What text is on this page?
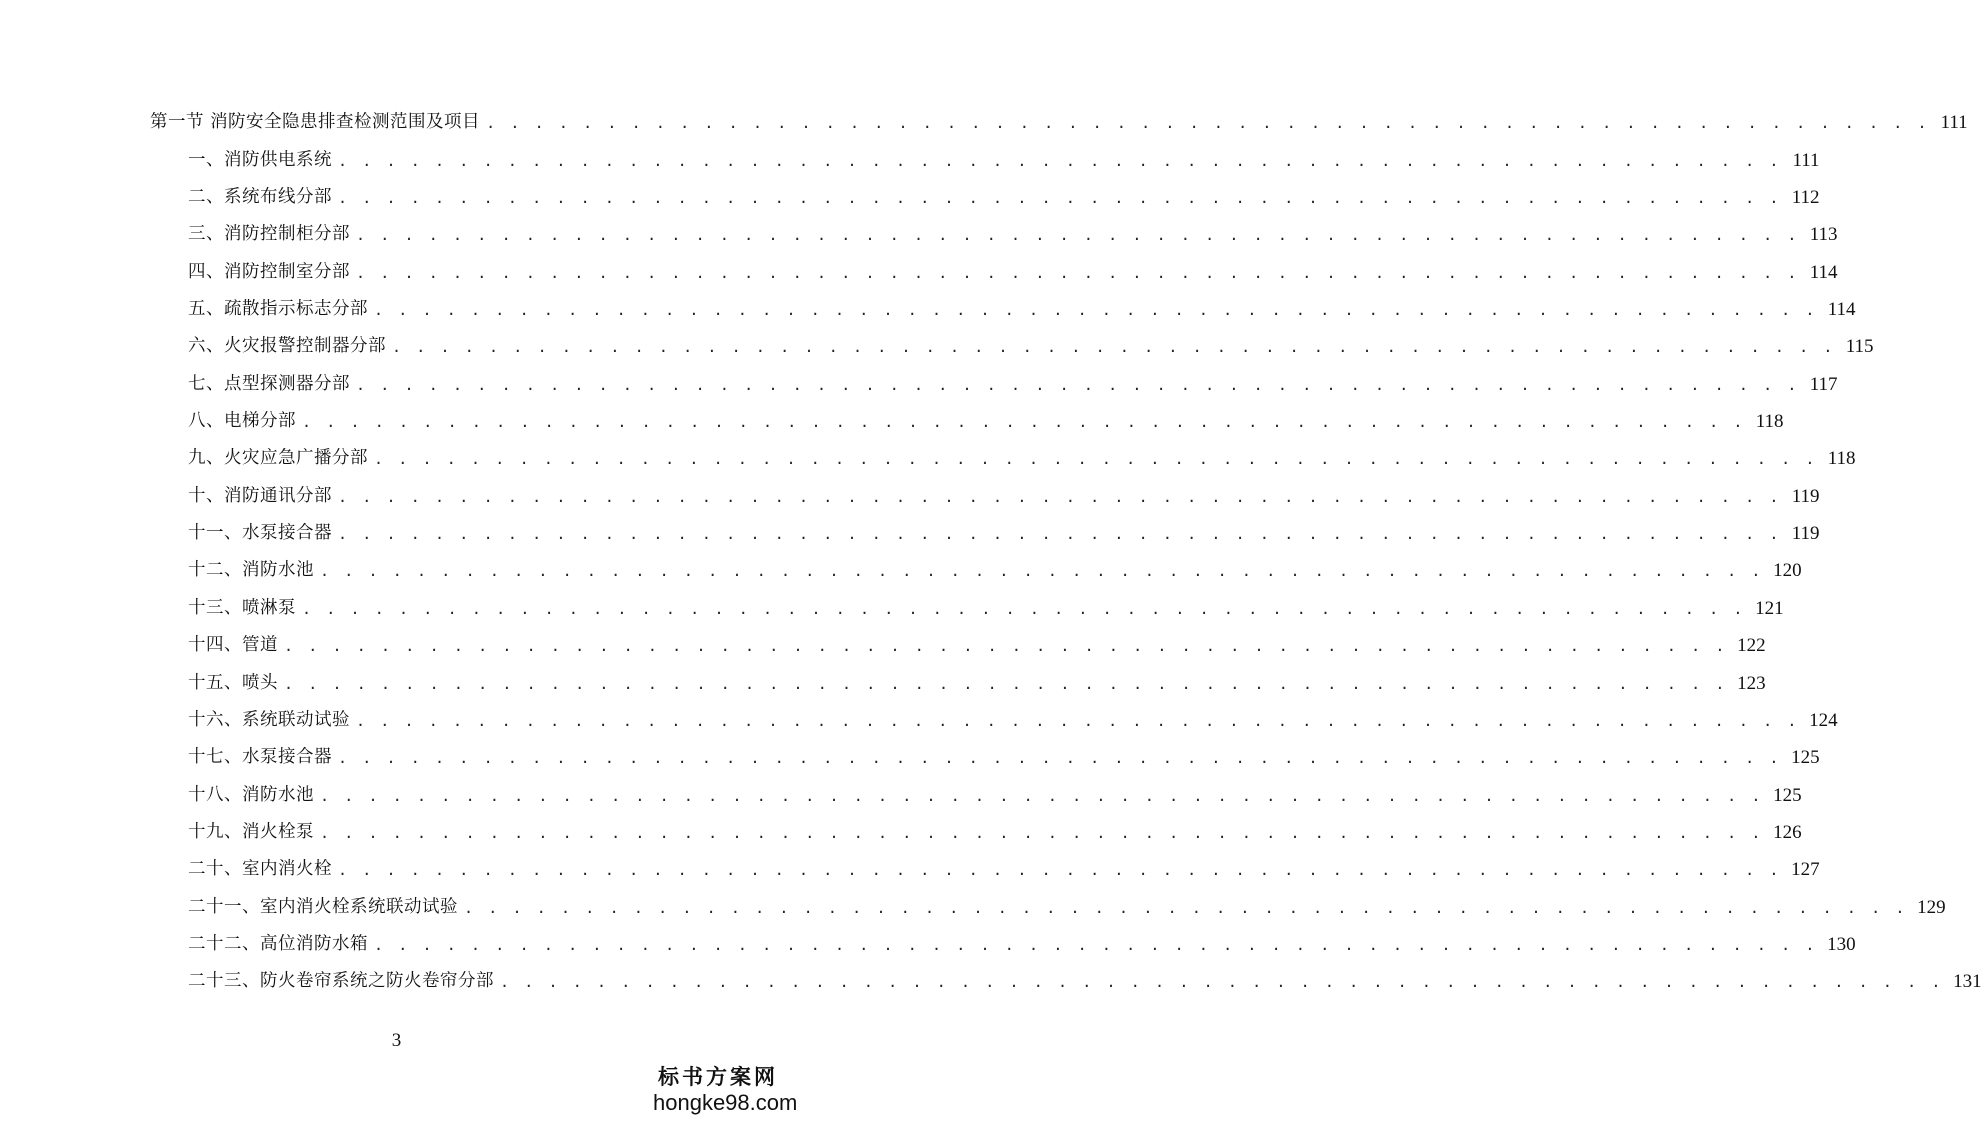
第一节 消防安全隐患排查检测范围及项目 . . . . . . . . . . . . . . . . . . . . . . . . . . . . . . . . . . . . . . . . . . . . . . . . . . . . . . . . . . . . 111
一、消防供电系统 . . . . . . . . . . . . . . . . . . . . . . . . . . . . . . . . . . . . . . . . . . . . . . . . . . . . . . . . . . . . 111
二、系统布线分部 . . . . . . . . . . . . . . . . . . . . . . . . . . . . . . . . . . . . . . . . . . . . . . . . . . . . . . . . . . . . 112
三、消防控制柜分部 . . . . . . . . . . . . . . . . . . . . . . . . . . . . . . . . . . . . . . . . . . . . . . . . . . . . . . . . . . . . 113
四、消防控制室分部 . . . . . . . . . . . . . . . . . . . . . . . . . . . . . . . . . . . . . . . . . . . . . . . . . . . . . . . . . . . . 114
五、疏散指示标志分部 . . . . . . . . . . . . . . . . . . . . . . . . . . . . . . . . . . . . . . . . . . . . . . . . . . . . . . . . . . . . 114
六、火灾报警控制器分部 . . . . . . . . . . . . . . . . . . . . . . . . . . . . . . . . . . . . . . . . . . . . . . . . . . . . . . . . . . . . 115
七、点型探测器分部 . . . . . . . . . . . . . . . . . . . . . . . . . . . . . . . . . . . . . . . . . . . . . . . . . . . . . . . . . . . . 117
八、电梯分部 . . . . . . . . . . . . . . . . . . . . . . . . . . . . . . . . . . . . . . . . . . . . . . . . . . . . . . . . . . . . 118
九、火灾应急广播分部 . . . . . . . . . . . . . . . . . . . . . . . . . . . . . . . . . . . . . . . . . . . . . . . . . . . . . . . . . . . . 118
十、消防通讯分部 . . . . . . . . . . . . . . . . . . . . . . . . . . . . . . . . . . . . . . . . . . . . . . . . . . . . . . . . . . . . 119
十一、水泵接合器 . . . . . . . . . . . . . . . . . . . . . . . . . . . . . . . . . . . . . . . . . . . . . . . . . . . . . . . . . . . . 119
十二、消防水池 . . . . . . . . . . . . . . . . . . . . . . . . . . . . . . . . . . . . . . . . . . . . . . . . . . . . . . . . . . . . 120
十三、喷淋泵 . . . . . . . . . . . . . . . . . . . . . . . . . . . . . . . . . . . . . . . . . . . . . . . . . . . . . . . . . . . . 121
十四、管道 . . . . . . . . . . . . . . . . . . . . . . . . . . . . . . . . . . . . . . . . . . . . . . . . . . . . . . . . . . . . 122
十五、喷头 . . . . . . . . . . . . . . . . . . . . . . . . . . . . . . . . . . . . . . . . . . . . . . . . . . . . . . . . . . . . 123
十六、系统联动试验 . . . . . . . . . . . . . . . . . . . . . . . . . . . . . . . . . . . . . . . . . . . . . . . . . . . . . . . . . . . . 124
十七、水泵接合器 . . . . . . . . . . . . . . . . . . . . . . . . . . . . . . . . . . . . . . . . . . . . . . . . . . . . . . . . . . . . 125
十八、消防水池 . . . . . . . . . . . . . . . . . . . . . . . . . . . . . . . . . . . . . . . . . . . . . . . . . . . . . . . . . . . . 125
十九、消火栓泵 . . . . . . . . . . . . . . . . . . . . . . . . . . . . . . . . . . . . . . . . . . . . . . . . . . . . . . . . . . . . 126
二十、室内消火栓 . . . . . . . . . . . . . . . . . . . . . . . . . . . . . . . . . . . . . . . . . . . . . . . . . . . . . . . . . . . . 127
二十一、室内消火栓系统联动试验 . . . . . . . . . . . . . . . . . . . . . . . . . . . . . . . . . . . . . . . . . . . . . . . . . . . . . . . . . . . . 129
二十二、高位消防水箱 . . . . . . . . . . . . . . . . . . . . . . . . . . . . . . . . . . . . . . . . . . . . . . . . . . . . . . . . . . . . 130
二十三、防火卷帘系统之防火卷帘分部 . . . . . . . . . . . . . . . . . . . . . . . . . . . . . . . . . . . . . . . . . . . . . . . . . . . . . . . . . . . . 131
3
标书方案网
hongke98.com
